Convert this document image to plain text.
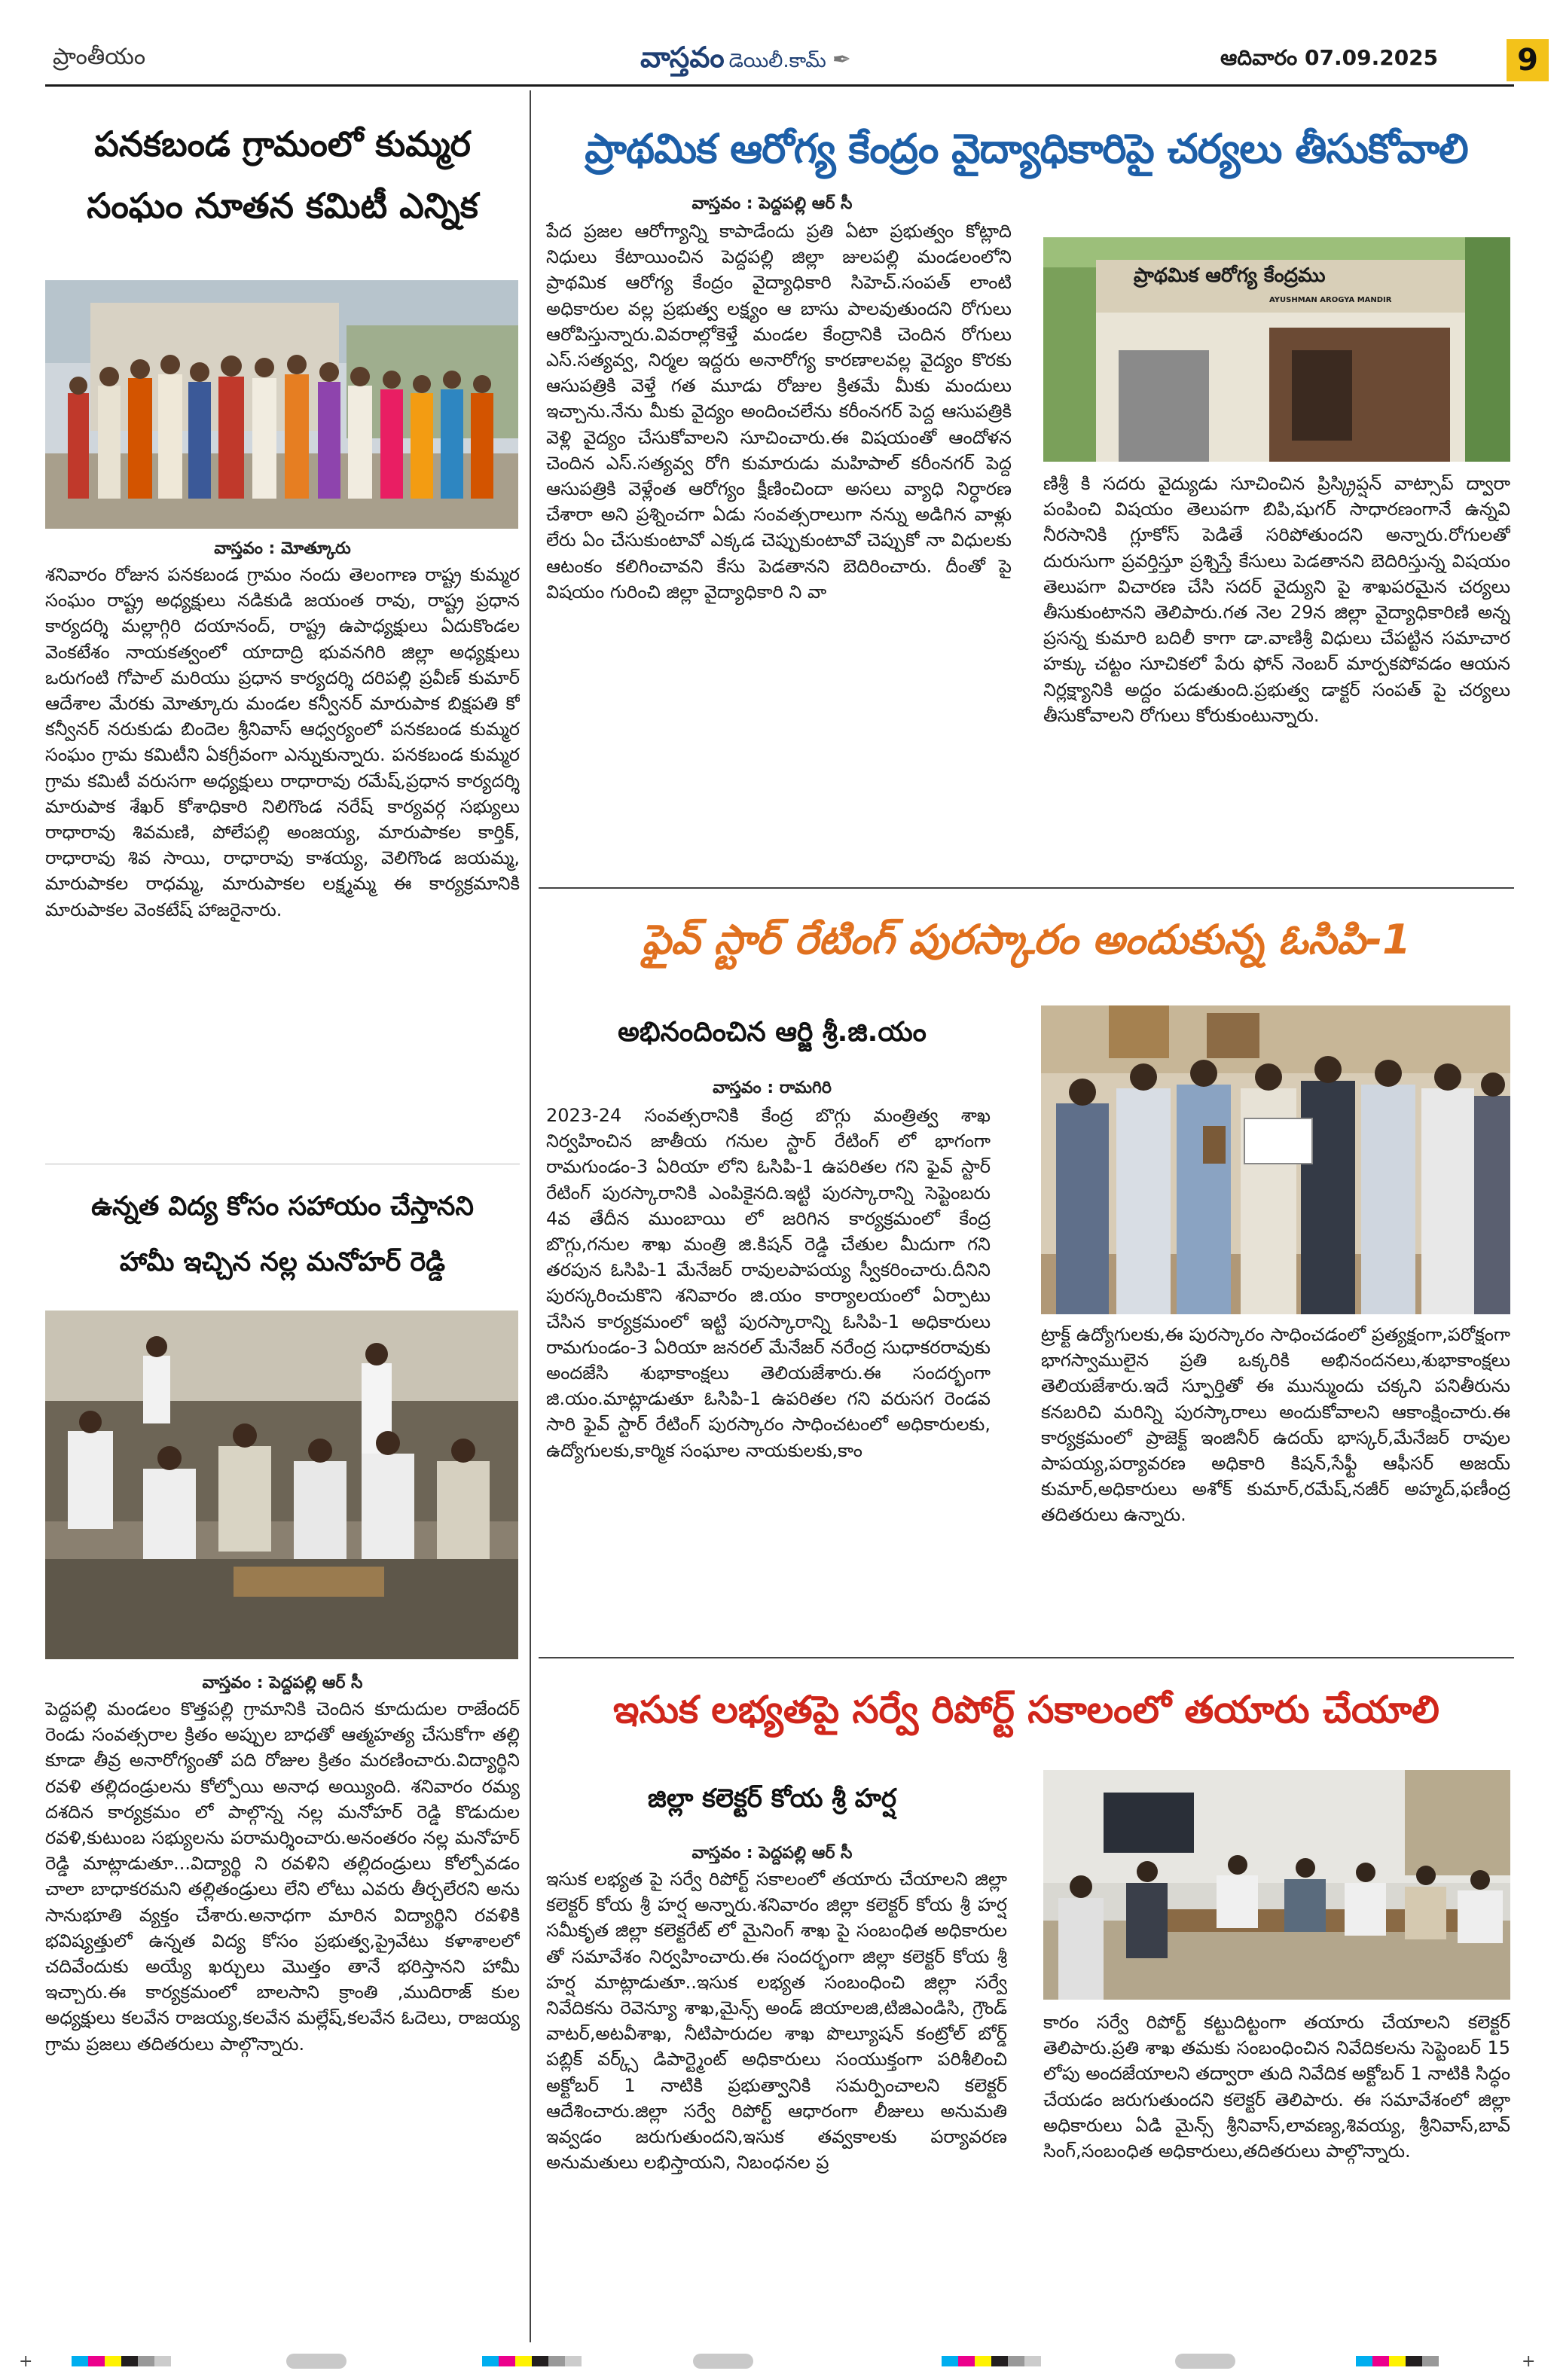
ప్రాంతీయం	వాస్తవం డెయిలీ.కామ్ ✒	ఆదివారం 07.09.2025	9
పనకబండ గ్రామంలో కుమ్మర
సంఘం నూతన కమిటీ ఎన్నిక
వాస్తవం : మోత్కూరు
శనివారం రోజున పనకబండ గ్రామం నందు తెలంగాణ రాష్ట్ర కుమ్మర సంఘం రాష్ట్ర అధ్యక్షులు నడికుడి జయంత రావు, రాష్ట్ర ప్రధాన కార్యదర్శి మల్లాగ్గిరి దయానంద్, రాష్ట్ర ఉపాధ్యక్షులు ఏదుకొండల వెంకటేశం నాయకత్వంలో యాదాద్రి భువనగిరి జిల్లా అధ్యక్షులు ఒరుగంటి గోపాల్ మరియు ప్రధాన కార్యదర్శి దరిపల్లి ప్రవీణ్ కుమార్ ఆదేశాల మేరకు మోత్కూరు మండల కన్వీనర్ మారుపాక బిక్షపతి కో కన్వీనర్ నరుకుడు బిందెల శ్రీనివాస్ ఆధ్వర్యంలో పనకబండ కుమ్మర సంఘం గ్రామ కమిటీని ఏకగ్రీవంగా ఎన్నుకున్నారు. పనకబండ కుమ్మర గ్రామ కమిటీ వరుసగా అధ్యక్షులు రాధారావు రమేష్,ప్రధాన కార్యదర్శి మారుపాక శేఖర్ కోశాధికారి నిలిగొండ నరేష్ కార్యవర్గ సభ్యులు రాధారావు శివమణి, పోలేపల్లి అంజయ్య, మారుపాకల కార్తిక్, రాధారావు శివ సాయి, రాధారావు కాశయ్య, వెలిగొండ జయమ్మ, మారుపాకల రాధమ్మ, మారుపాకల లక్ష్మమ్మ ఈ కార్యక్రమానికి మారుపాకల వెంకటేష్ హాజరైనారు.
ఉన్నత విద్య కోసం సహాయం చేస్తానని
హామీ ఇచ్చిన నల్ల మనోహర్ రెడ్డి
వాస్తవం : పెద్దపల్లి ఆర్ సీ
పెద్దపల్లి మండలం కొత్తపల్లి గ్రామానికి చెందిన కూదుదుల రాజేందర్ రెండు సంవత్సరాల క్రితం అప్పుల బాధతో ఆత్మహత్య చేసుకోగా తల్లి కూడా తీవ్ర అనారోగ్యంతో పది రోజుల క్రితం మరణించారు.విద్యార్థిని రవళి తల్లిదండ్రులను కోల్పోయి అనాధ అయ్యింది. శనివారం రమ్య దశదిన కార్యక్రమం లో పాల్గొన్న నల్ల మనోహర్ రెడ్డి కొడుదుల రవళి,కుటుంబ సభ్యులను పరామర్శించారు.అనంతరం నల్ల మనోహర్ రెడ్డి మాట్లాడుతూ...విద్యార్థి ని రవళిని తల్లిదండ్రులు కోల్పోవడం చాలా బాధాకరమని తల్లితండ్రులు లేని లోటు ఎవరు తీర్చలేరని అను సానుభూతి వ్యక్తం చేశారు.అనాధగా మారిన విద్యార్థిని రవళికి భవిష్యత్తులో ఉన్నత విద్య కోసం ప్రభుత్వ,ప్రైవేటు కళాశాలలో చదివేందుకు అయ్యే ఖర్చులు మొత్తం తానే భరిస్తానని హామీ ఇచ్చారు.ఈ కార్యక్రమంలో బాలసాని క్రాంతి ,ముదిరాజ్ కుల అధ్యక్షులు కలవేన రాజయ్య,కలవేన మల్లేష్,కలవేన ఓదెలు, రాజయ్య గ్రామ ప్రజలు తదితరులు పాల్గొన్నారు.
ప్రాథమిక ఆరోగ్య కేంద్రం వైద్యాధికారిపై చర్యలు తీసుకోవాలి
వాస్తవం : పెద్దపల్లి ఆర్ సీ
పేద ప్రజల ఆరోగ్యాన్ని కాపాడేందు ప్రతి ఏటా ప్రభుత్వం కోట్లాది నిధులు కేటాయించిన పెద్దపల్లి జిల్లా జులపల్లి మండలంలోని ప్రాథమిక ఆరోగ్య కేంద్రం వైద్యాధికారి సిహెచ్.సంపత్ లాంటి అధికారుల వల్ల ప్రభుత్వ లక్ష్యం ఆ బాసు పాలవుతుందని రోగులు ఆరోపిస్తున్నారు.వివరాల్లోకెళ్తే మండల కేంద్రానికి చెందిన రోగులు ఎస్.సత్యవ్వ, నిర్మల ఇద్దరు అనారోగ్య కారణాలవల్ల వైద్యం కొరకు ఆసుపత్రికి వెళ్తే గత మూడు రోజుల క్రితమే మీకు మందులు ఇచ్చాను.నేను మీకు వైద్యం అందించలేను కరీంనగర్ పెద్ద ఆసుపత్రికి వెళ్లి వైద్యం చేసుకోవాలని సూచించారు.ఈ విషయంతో ఆందోళన చెందిన ఎస్.సత్యవ్వ రోగి కుమారుడు మహిపాల్ కరీంనగర్ పెద్ద ఆసుపత్రికి వెళ్లేంత ఆరోగ్యం క్షీణించిందా అసలు వ్యాధి నిర్ధారణ చేశారా అని ప్రశ్నించగా ఏడు సంవత్సరాలుగా నన్ను అడిగిన వాళ్లు లేరు ఏం చేసుకుంటావో ఎక్కడ చెప్పుకుంటావో చెప్పుకో నా విధులకు ఆటంకం కలిగించావని కేసు పెడతానని బెదిరించారు. దీంతో పై విషయం గురించి జిల్లా వైద్యాధికారి ని వా
ప్రాథమిక ఆరోగ్య కేంద్రము
AYUSHMAN AROGYA MANDIR
ణిశ్రీ కి సదరు వైద్యుడు సూచించిన ప్రిస్క్రిప్షన్ వాట్సాప్ ద్వారా పంపించి విషయం తెలుపగా బిపి,షుగర్ సాధారణంగానే ఉన్నవి నీరసానికి గ్లూకోస్ పెడితే సరిపోతుందని అన్నారు.రోగులతో దురుసుగా ప్రవర్తిస్తూ ప్రశ్నిస్తే కేసులు పెడతానని బెదిరిస్తున్న విషయం తెలుపగా విచారణ చేసి సదర్ వైద్యుని పై శాఖపరమైన చర్యలు తీసుకుంటానని తెలిపారు.గత నెల 29న జిల్లా వైద్యాధికారిణి అన్న ప్రసన్న కుమారి బదిలీ కాగా డా.వాణిశ్రీ విధులు చేపట్టిన సమాచార హక్కు చట్టం సూచికలో పేరు ఫోన్ నెంబర్ మార్పకపోవడం ఆయన నిర్లక్ష్యానికి అద్దం పడుతుంది.ప్రభుత్వ డాక్టర్ సంపత్ పై చర్యలు తీసుకోవాలని రోగులు కోరుకుంటున్నారు.
ఫైవ్ స్టార్ రేటింగ్ పురస్కారం అందుకున్న ఓసిపి-1
అభినందించిన ఆర్జి శ్రీ.జి.యం
వాస్తవం : రామగిరి
2023-24 సంవత్సరానికి కేంద్ర బొగ్గు మంత్రిత్వ శాఖ నిర్వహించిన జాతీయ గనుల స్టార్ రేటింగ్ లో భాగంగా రామగుండం-3 ఏరియా లోని ఓసిపి-1 ఉపరితల గని ఫైవ్ స్టార్ రేటింగ్ పురస్కారానికి ఎంపికైనది.ఇట్టి పురస్కారాన్ని సెప్టెంబరు 4వ తేదీన ముంబాయి లో జరిగిన కార్యక్రమంలో కేంద్ర బొగ్గు,గనుల శాఖ మంత్రి జి.కిషన్ రెడ్డి చేతుల మీదుగా గని తరపున ఓసిపి-1 మేనేజర్ రావులపాపయ్య స్వీకరించారు.దీనిని పురస్కరించుకొని శనివారం జి.యం కార్యాలయంలో ఏర్పాటు చేసిన కార్యక్రమంలో ఇట్టి పురస్కారాన్ని ఓసిపి-1 అధికారులు రామగుండం-3 ఏరియా జనరల్ మేనేజర్ నరేంద్ర సుధాకరరావుకు అందజేసి శుభాకాంక్షలు తెలియజేశారు.ఈ సందర్భంగా జి.యం.మాట్లాడుతూ ఓసిపి-1 ఉపరితల గని వరుసగ రెండవ సారి ఫైవ్ స్టార్ రేటింగ్ పురస్కారం సాధించటంలో అధికారులకు, ఉద్యోగులకు,కార్మిక సంఘాల నాయకులకు,కాం
ట్రాక్ట్ ఉద్యోగులకు,ఈ పురస్కారం సాధించడంలో ప్రత్యక్షంగా,పరోక్షంగా భాగస్వాములైన ప్రతి ఒక్కరికి అభినందనలు,శుభాకాంక్షలు తెలియజేశారు.ఇదే స్ఫూర్తితో ఈ మున్ముందు చక్కని పనితీరును కనబరిచి మరిన్ని పురస్కారాలు అందుకోవాలని ఆకాంక్షించారు.ఈ కార్యక్రమంలో ప్రాజెక్ట్ ఇంజినీర్ ఉదయ్ భాస్కర్,మేనేజర్ రావుల పాపయ్య,పర్యావరణ అధికారి కిషన్,సేఫ్టీ ఆఫీసర్ అజయ్ కుమార్,అధికారులు అశోక్ కుమార్,రమేష్,నజీర్ అహ్మద్,ఫణీంద్ర తదితరులు ఉన్నారు.
ఇసుక లభ్యతపై సర్వే రిపోర్ట్ సకాలంలో తయారు చేయాలి
జిల్లా కలెక్టర్ కోయ శ్రీ హర్ష
వాస్తవం : పెద్దపల్లి ఆర్ సీ
ఇసుక లభ్యత పై సర్వే రిపోర్ట్ సకాలంలో తయారు చేయాలని జిల్లా కలెక్టర్ కోయ శ్రీ హర్ష అన్నారు.శనివారం జిల్లా కలెక్టర్ కోయ శ్రీ హర్ష సమీకృత జిల్లా కలెక్టరేట్ లో మైనింగ్ శాఖ పై సంబంధిత అధికారుల తో సమావేశం నిర్వహించారు.ఈ సందర్భంగా జిల్లా కలెక్టర్ కోయ శ్రీ హర్ష మాట్లాడుతూ..ఇసుక లభ్యత సంబంధించి జిల్లా సర్వే నివేదికను రెవెన్యూ శాఖ,మైన్స్ అండ్ జియాలజి,టిజిఎండిసి, గ్రౌండ్ వాటర్,అటవీశాఖ, నీటిపారుదల శాఖ పొల్యూషన్ కంట్రోల్ బోర్డ్ పబ్లిక్ వర్క్స్ డిపార్ట్మెంట్ అధికారులు సంయుక్తంగా పరిశీలించి అక్టోబర్ 1 నాటికి ప్రభుత్వానికి సమర్పించాలని కలెక్టర్ ఆదేశించారు.జిల్లా సర్వే రిపోర్ట్ ఆధారంగా లీజులు అనుమతి ఇవ్వడం జరుగుతుందని,ఇసుక తవ్వకాలకు పర్యావరణ అనుమతులు లభిస్తాయని, నిబంధనల ప్ర
కారం సర్వే రిపోర్ట్ కట్టుదిట్టంగా తయారు చేయాలని కలెక్టర్ తెలిపారు.ప్రతి శాఖ తమకు సంబంధించిన నివేదికలను సెప్టెంబర్ 15 లోపు అందజేయాలని తద్వారా తుది నివేదిక అక్టోబర్ 1 నాటికి సిద్ధం చేయడం జరుగుతుందని కలెక్టర్ తెలిపారు. ఈ సమావేశంలో జిల్లా అధికారులు ఏడి మైన్స్ శ్రీనివాస్,లావణ్య,శివయ్య, శ్రీనివాస్,బావ్ సింగ్,సంబంధిత అధికారులు,తదితరులు పాల్గొన్నారు.
+	+
